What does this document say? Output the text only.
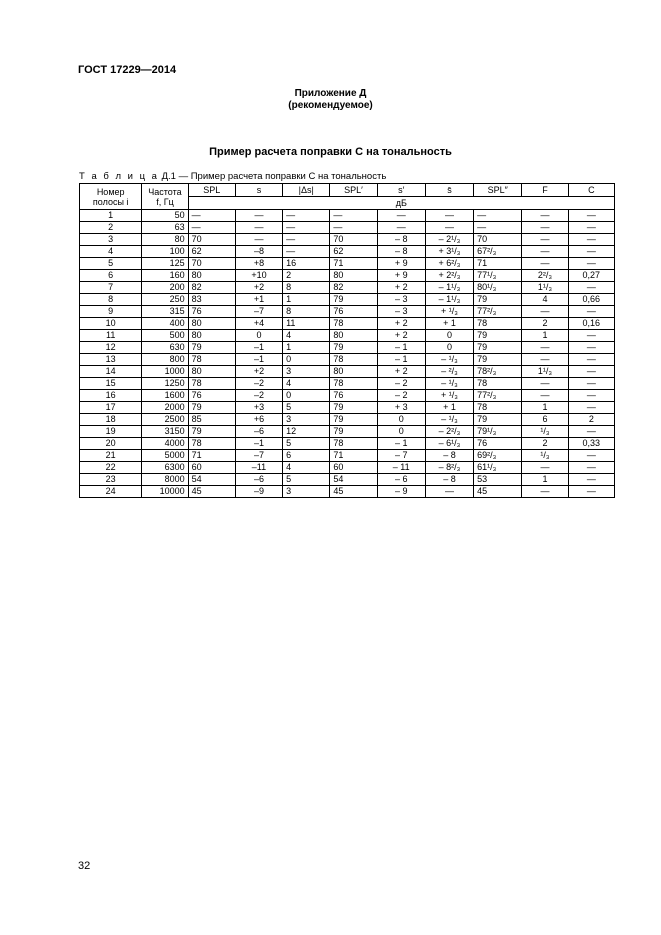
ГОСТ 17229—2014
Приложение Д
(рекомендуемое)
Пример расчета поправки C на тональность
Т а б л и ц а Д.1 — Пример расчета поправки C на тональность
Номер полосы i	Частота f, Гц	SPL	s	|Δs|	SPL′	s′	s̄	SPL″	F	C
		дБ								
1	50	—	—	—	—	—	—	—	—	—
2	63	—	—	—	—	—	—	—	—	—
3	80	70	—	—	70	– 8	– 2¹/₃	70	—	—
4	100	62	–8	—	62	– 8	+ 3¹/₃	67²/₃	—	—
5	125	70	+8	16	71	+ 9	+ 6²/₃	71	—	—
6	160	80	+10	2	80	+ 9	+ 2²/₃	77¹/₃	2²/₃	0,27
7	200	82	+2	8	82	+ 2	– 1¹/₃	80¹/₃	1¹/₃	—
8	250	83	+1	1	79	– 3	– 1¹/₃	79	4	0,66
9	315	76	–7	8	76	– 3	+ ¹/₃	77²/₃	—	—
10	400	80	+4	11	78	+ 2	+ 1	78	2	0,16
11	500	80	0	4	80	+ 2	0	79	1	—
12	630	79	–1	1	79	– 1	0	79	—	—
13	800	78	–1	0	78	– 1	– ¹/₃	79	—	—
14	1000	80	+2	3	80	+ 2	– ²/₃	78²/₃	1¹/₃	—
15	1250	78	–2	4	78	– 2	– ¹/₃	78	—	—
16	1600	76	–2	0	76	– 2	+ ¹/₃	77²/₃	—	—
17	2000	79	+3	5	79	+ 3	+ 1	78	1	—
18	2500	85	+6	3	79	0	– ¹/₃	79	6	2
19	3150	79	–6	12	79	0	– 2²/₃	79¹/₃	¹/₃	—
20	4000	78	–1	5	78	– 1	– 6¹/₃	76	2	0,33
21	5000	71	–7	6	71	– 7	– 8	69²/₃	¹/₃	—
22	6300	60	–11	4	60	– 11	– 8²/₃	61¹/₃	—	—
23	8000	54	–6	5	54	– 6	– 8	53	1	—
24	10000	45	–9	3	45	– 9	—	45	—	—
32
